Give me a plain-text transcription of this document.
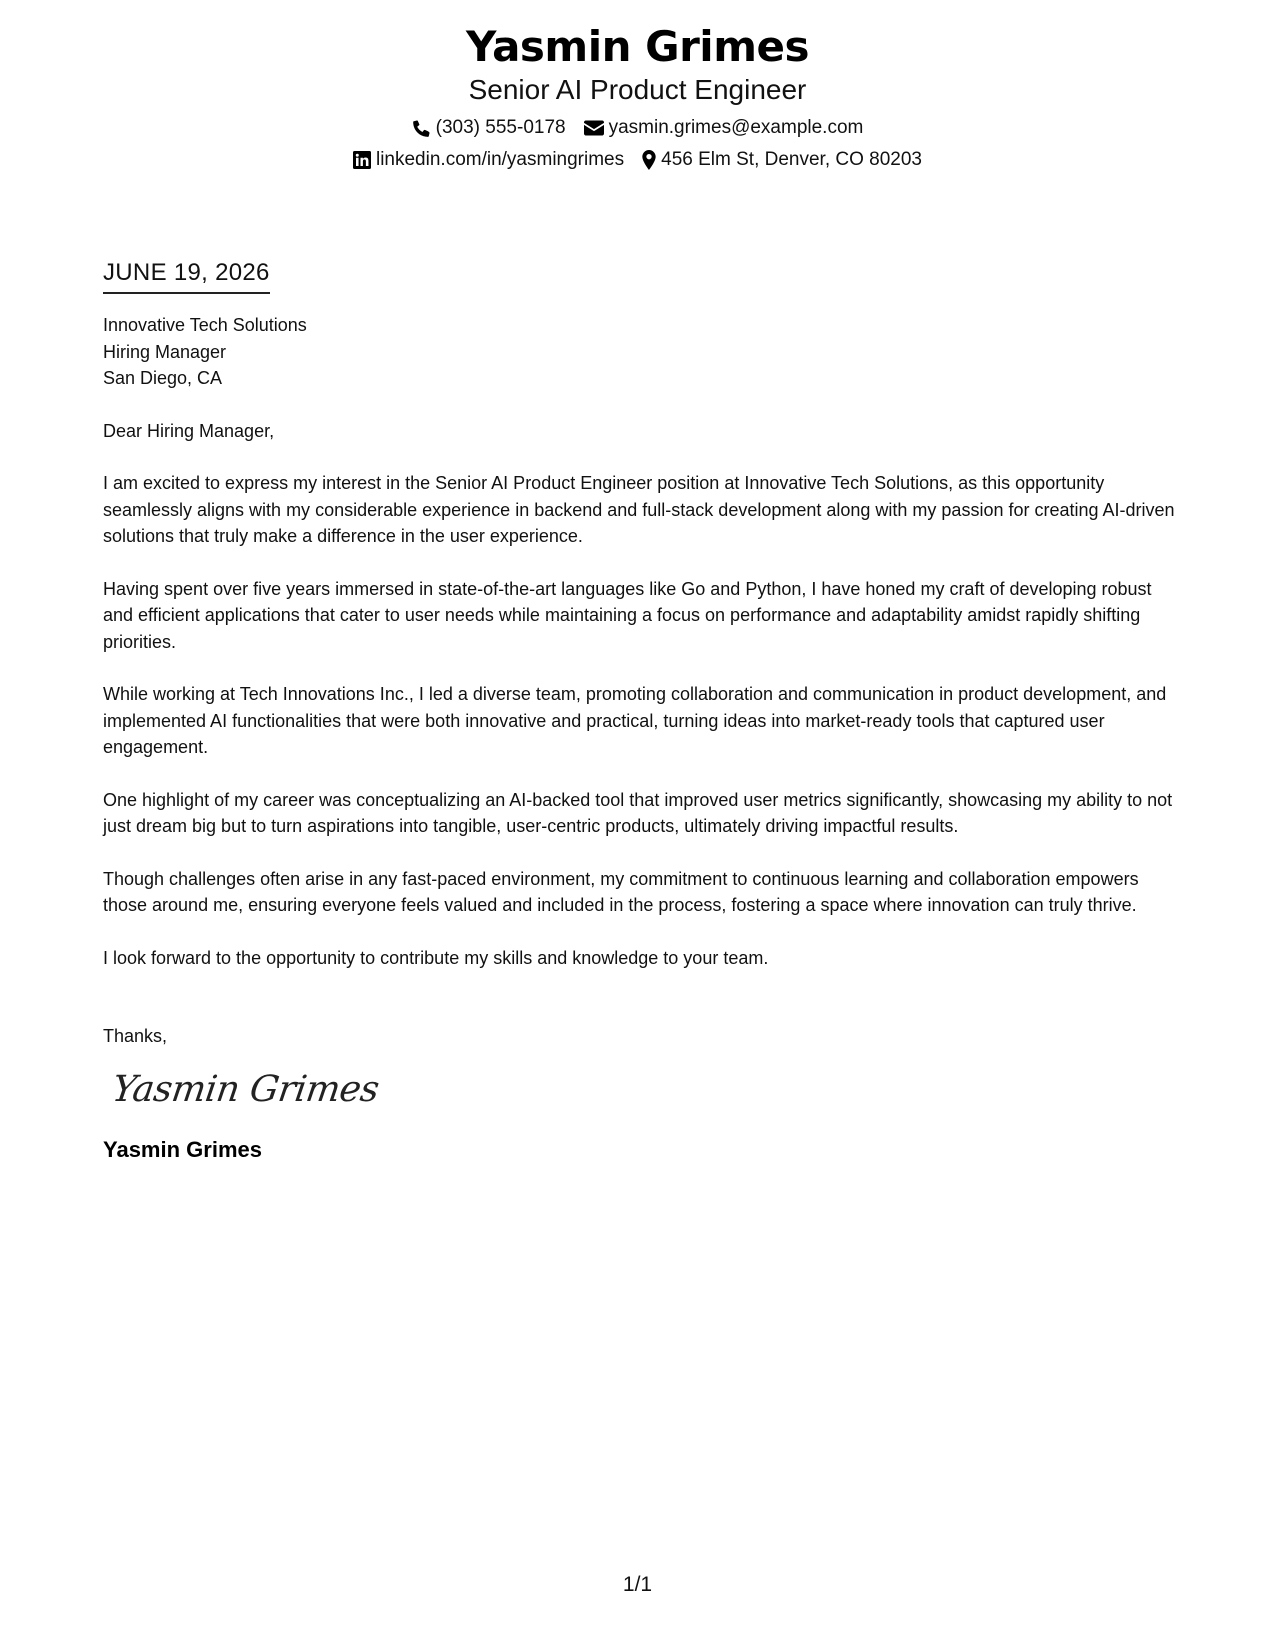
Yasmin Grimes
Senior AI Product Engineer
(303) 555-0178 yasmin.grimes@example.com
linkedin.com/in/yasmingrimes 456 Elm St, Denver, CO 80203
JUNE 19, 2026
Innovative Tech Solutions
Hiring Manager
San Diego, CA
Dear Hiring Manager,
I am excited to express my interest in the Senior AI Product Engineer position at Innovative Tech Solutions, as this opportunity seamlessly aligns with my considerable experience in backend and full-stack development along with my passion for creating AI-driven solutions that truly make a difference in the user experience.
Having spent over five years immersed in state-of-the-art languages like Go and Python, I have honed my craft of developing robust and efficient applications that cater to user needs while maintaining a focus on performance and adaptability amidst rapidly shifting priorities.
While working at Tech Innovations Inc., I led a diverse team, promoting collaboration and communication in product development, and implemented AI functionalities that were both innovative and practical, turning ideas into market-ready tools that captured user engagement.
One highlight of my career was conceptualizing an AI-backed tool that improved user metrics significantly, showcasing my ability to not just dream big but to turn aspirations into tangible, user-centric products, ultimately driving impactful results.
Though challenges often arise in any fast-paced environment, my commitment to continuous learning and collaboration empowers those around me, ensuring everyone feels valued and included in the process, fostering a space where innovation can truly thrive.
I look forward to the opportunity to contribute my skills and knowledge to your team.
Thanks,
Yasmin Grimes
Yasmin Grimes
1/1
